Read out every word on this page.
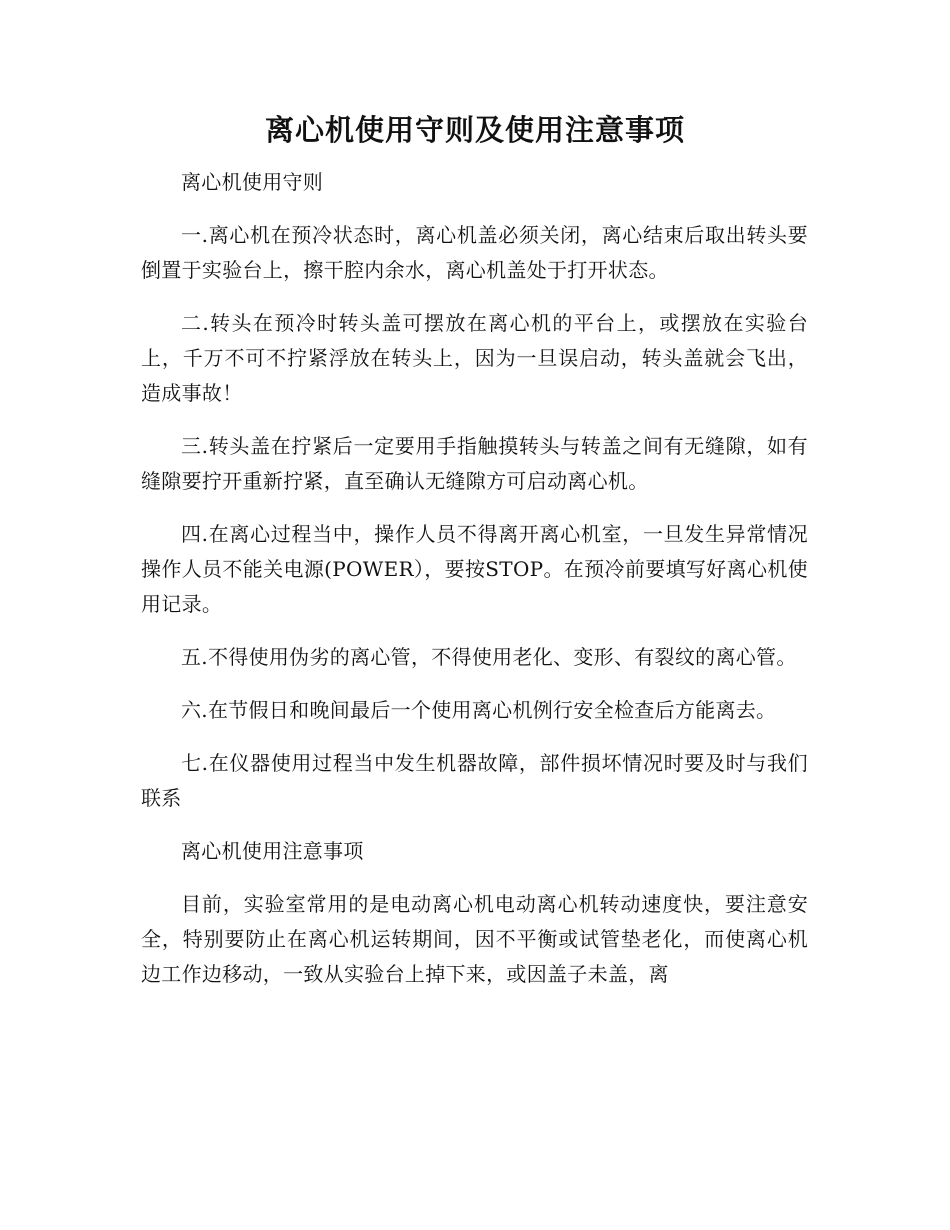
离心机使用守则及使用注意事项

离心机使用守则

一.离心机在预冷状态时，离心机盖必须关闭，离心结束后取出转头要倒置于实验台上，擦干腔内余水，离心机盖处于打开状态。

二.转头在预冷时转头盖可摆放在离心机的平台上，或摆放在实验台上，千万不可不拧紧浮放在转头上，因为一旦误启动，转头盖就会飞出，造成事故！

三.转头盖在拧紧后一定要用手指触摸转头与转盖之间有无缝隙，如有缝隙要拧开重新拧紧，直至确认无缝隙方可启动离心机。

四.在离心过程当中，操作人员不得离开离心机室，一旦发生异常情况操作人员不能关电源(POWER），要按STOP。在预冷前要填写好离心机使用记录。

五.不得使用伪劣的离心管，不得使用老化、变形、有裂纹的离心管。

六.在节假日和晚间最后一个使用离心机例行安全检查后方能离去。

七.在仪器使用过程当中发生机器故障，部件损坏情况时要及时与我们联系

离心机使用注意事项

目前，实验室常用的是电动离心机电动离心机转动速度快，要注意安全，特别要防止在离心机运转期间，因不平衡或试管垫老化，而使离心机边工作边移动，一致从实验台上掉下来，或因盖子未盖，离
